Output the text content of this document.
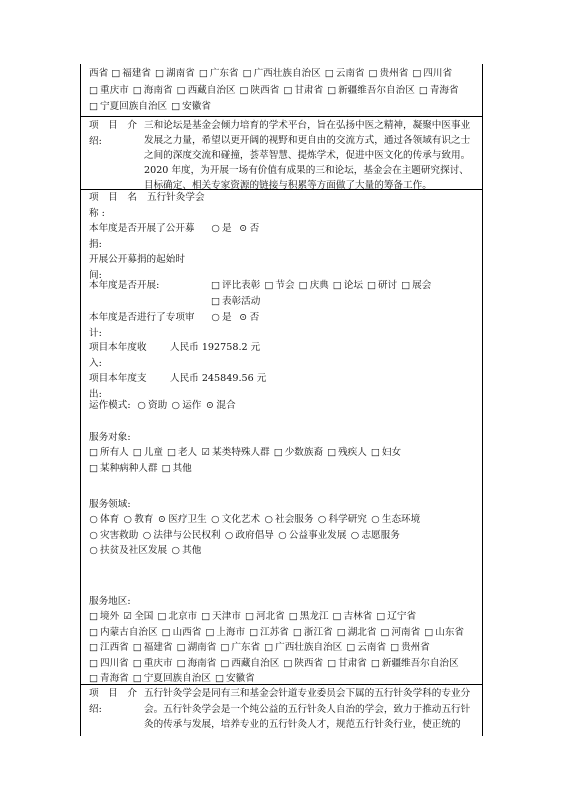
西省 □ 福建省 □ 湖南省 □ 广东省 □ 广西壮族自治区 □ 云南省 □ 贵州省 □ 四川省□ 重庆市 □ 海南省 □ 西藏自治区 □ 陕西省 □ 甘肃省 □ 新疆维吾尔自治区 □ 青海省□ 宁夏回族自治区 □ 安徽省
项　目　介
绍:
三和论坛是基金会倾力培育的学术平台，旨在弘扬中医之精神，凝聚中医事业发展之力量，希望以更开阔的视野和更自由的交流方式，通过各领域有识之士之间的深度交流和碰撞，荟萃智慧、提炼学术，促进中医文化的传承与致用。2020 年度，为开展一场有价值有成果的三和论坛，基金会在主题研究探讨、目标确定、相关专家资源的链接与积累等方面做了大量的筹备工作。
项　目　名
称 :
五行针灸学会
本年度是否开展了公开募
捐:
○ 是 ⊙ 否
开展公开募捐的起始时
间:
本年度是否开展:	□ 评比表彰 □ 节会 □ 庆典 □ 论坛 □ 研讨 □ 展会□ 表彰活动
本年度是否进行了专项审
计:
○ 是 ⊙ 否
项目本年度收
入:
人民币 192758.2 元
项目本年度支
出:
人民币 245849.56 元
运作模式: ○ 资助 ○ 运作 ⊙ 混合
服务对象:
□ 所有人 □ 儿童 □ 老人 ☑ 某类特殊人群 □ 少数族裔 □ 残疾人 □ 妇女□ 某种病种人群 □ 其他
服务领域:
○ 体育 ○ 教育 ⊙ 医疗卫生 ○ 文化艺术 ○ 社会服务 ○ 科学研究 ○ 生态环境○ 灾害救助 ○ 法律与公民权利 ○ 政府倡导 ○ 公益事业发展 ○ 志愿服务○ 扶贫及社区发展 ○ 其他
服务地区:
□ 境外 ☑ 全国 □ 北京市 □ 天津市 □ 河北省 □ 黑龙江 □ 吉林省 □ 辽宁省□ 内蒙古自治区 □ 山西省 □ 上海市 □ 江苏省 □ 浙江省 □ 湖北省 □ 河南省 □ 山东省□ 江西省 □ 福建省 □ 湖南省 □ 广东省 □ 广西壮族自治区 □ 云南省 □ 贵州省□ 四川省 □ 重庆市 □ 海南省 □ 西藏自治区 □ 陕西省 □ 甘肃省 □ 新疆维吾尔自治区□ 青海省 □ 宁夏回族自治区 □ 安徽省
项　目　介
绍:
五行针灸学会是同有三和基金会针道专业委员会下属的五行针灸学科的专业分会。五行针灸学会是一个纯公益的五行针灸人自治的学会，致力于推动五行针灸的传承与发展，培养专业的五行针灸人才，规范五行针灸行业，使正统的
